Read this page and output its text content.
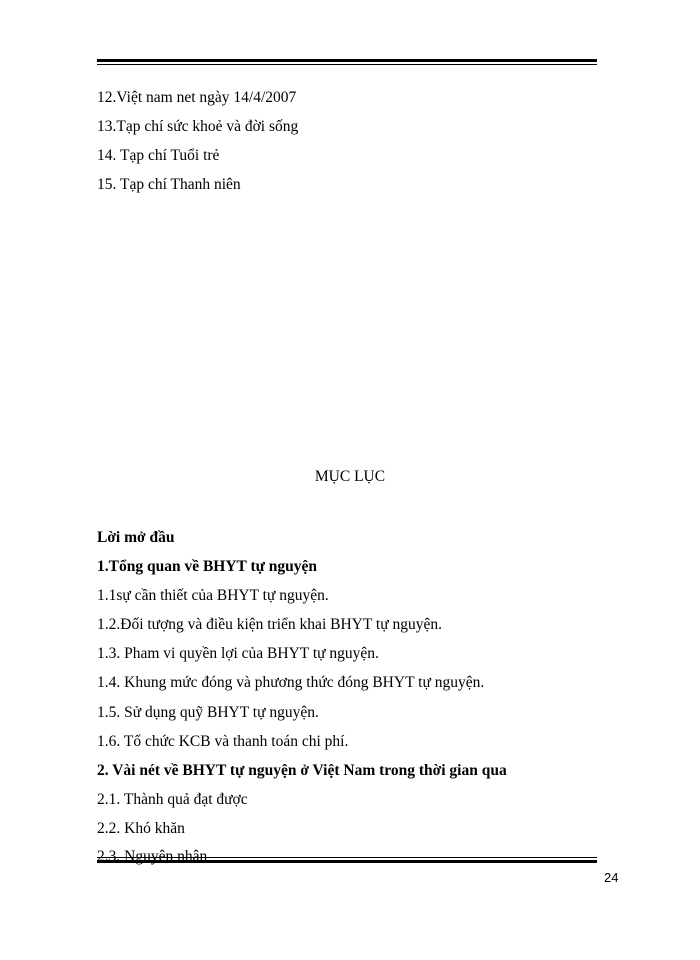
12.Việt nam net ngày 14/4/2007
13.Tạp chí sức khoẻ và đời sống
14. Tạp chí Tuổi trẻ
15. Tạp chí Thanh niên
MỤC LỤC
Lời mở đầu
1.Tổng quan về BHYT tự nguyện
1.1sự cần thiết của BHYT tự nguyện.
1.2.Đối tượng và điều kiện triển khai BHYT tự nguyện.
1.3. Pham vi quyền lợi của BHYT tự nguyện.
1.4. Khung mức đóng và phương thức đóng BHYT tự nguyện.
1.5. Sử dụng quỹ BHYT tự nguyện.
1.6. Tổ chức KCB và thanh toán chi phí.
2. Vài nét về BHYT tự nguyện ở Việt Nam trong thời gian qua
2.1. Thành quả đạt được
2.2. Khó khăn
2.3. Nguyên nhân
24
